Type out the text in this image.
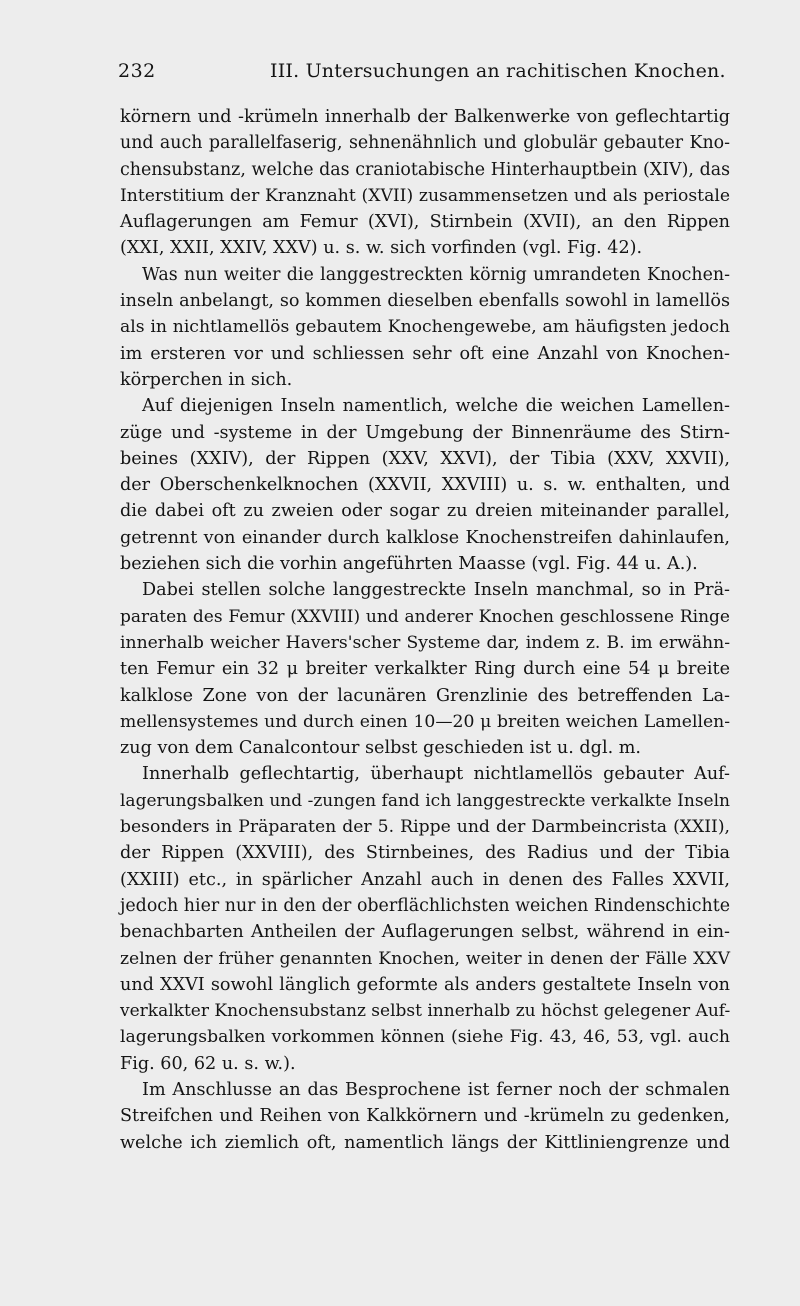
232	III. Untersuchungen an rachitischen Knochen.
körnern und -krümeln innerhalb der Balkenwerke von geflechtartig
und auch parallelfaserig, sehnenähnlich und globulär gebauter Kno-
chensubstanz, welche das craniotabische Hinterhauptbein (XIV), das
Interstitium der Kranznaht (XVII) zusammensetzen und als periostale
Auflagerungen am Femur (XVI), Stirnbein (XVII), an den Rippen
(XXI, XXII, XXIV, XXV) u. s. w. sich vorfinden (vgl. Fig. 42).
Was nun weiter die langgestreckten körnig umrandeten Knochen-
inseln anbelangt, so kommen dieselben ebenfalls sowohl in lamellös
als in nichtlamellös gebautem Knochengewebe, am häufigsten jedoch
im ersteren vor und schliessen sehr oft eine Anzahl von Knochen-
körperchen in sich.
Auf diejenigen Inseln namentlich, welche die weichen Lamellen-
züge und -systeme in der Umgebung der Binnenräume des Stirn-
beines (XXIV), der Rippen (XXV, XXVI), der Tibia (XXV, XXVII),
der Oberschenkelknochen (XXVII, XXVIII) u. s. w. enthalten, und
die dabei oft zu zweien oder sogar zu dreien miteinander parallel,
getrennt von einander durch kalklose Knochenstreifen dahinlaufen,
beziehen sich die vorhin angeführten Maasse (vgl. Fig. 44 u. A.).
Dabei stellen solche langgestreckte Inseln manchmal, so in Prä-
paraten des Femur (XXVIII) und anderer Knochen geschlossene Ringe
innerhalb weicher Havers'scher Systeme dar, indem z. B. im erwähn-
ten Femur ein 32 μ breiter verkalkter Ring durch eine 54 μ breite
kalklose Zone von der lacunären Grenzlinie des betreffenden La-
mellensystemes und durch einen 10—20 μ breiten weichen Lamellen-
zug von dem Canalcontour selbst geschieden ist u. dgl. m.
Innerhalb geflechtartig, überhaupt nichtlamellös gebauter Auf-
lagerungsbalken und -zungen fand ich langgestreckte verkalkte Inseln
besonders in Präparaten der 5. Rippe und der Darmbeincrista (XXII),
der Rippen (XXVIII), des Stirnbeines, des Radius und der Tibia
(XXIII) etc., in spärlicher Anzahl auch in denen des Falles XXVII,
jedoch hier nur in den der oberflächlichsten weichen Rindenschichte
benachbarten Antheilen der Auflagerungen selbst, während in ein-
zelnen der früher genannten Knochen, weiter in denen der Fälle XXV
und XXVI sowohl länglich geformte als anders gestaltete Inseln von
verkalkter Knochensubstanz selbst innerhalb zu höchst gelegener Auf-
lagerungsbalken vorkommen können (siehe Fig. 43, 46, 53, vgl. auch
Fig. 60, 62 u. s. w.).
Im Anschlusse an das Besprochene ist ferner noch der schmalen
Streifchen und Reihen von Kalkkörnern und -krümeln zu gedenken,
welche ich ziemlich oft, namentlich längs der Kittliniengrenze und
